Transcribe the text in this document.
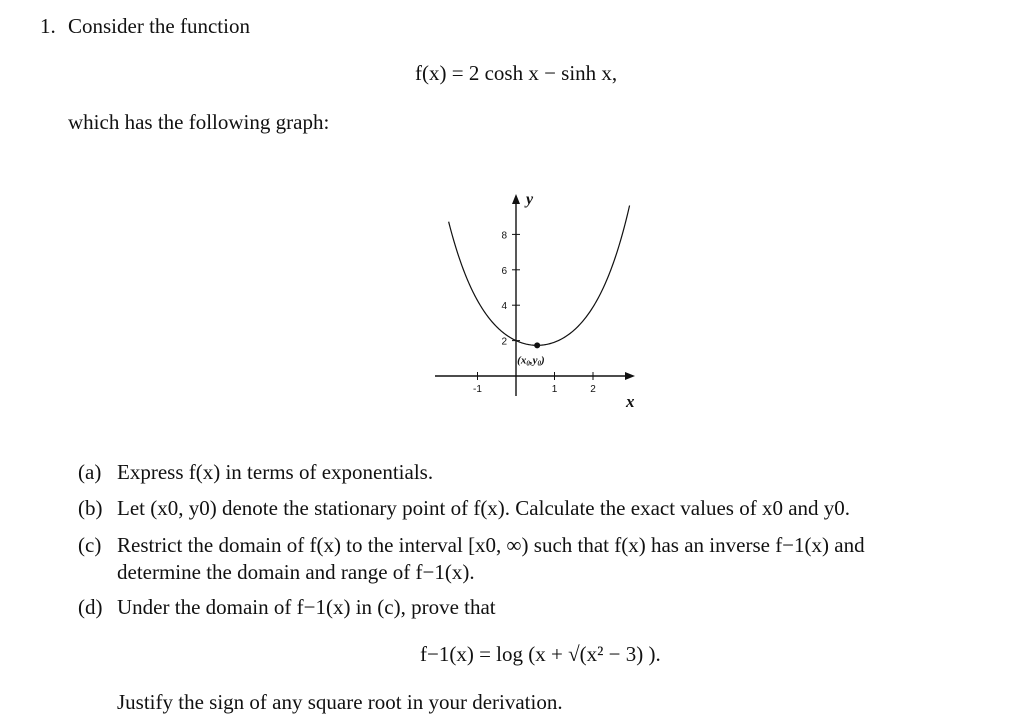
1. Consider the function
f(x) = 2 cosh x − sinh x,
which has the following graph:
-1	1	2
2
4
6
8
(x0,y0)
y
x
(a) Express f(x) in terms of exponentials.
(b) Let (x0, y0) denote the stationary point of f(x). Calculate the exact values of x0 and y0.
(c) Restrict the domain of f(x) to the interval [x0, ∞) such that f(x) has an inverse f−1(x) and
determine the domain and range of f−1(x).
(d) Under the domain of f−1(x) in (c), prove that
f−1(x) = log (x + √(x² − 3) ).
Justify the sign of any square root in your derivation.
